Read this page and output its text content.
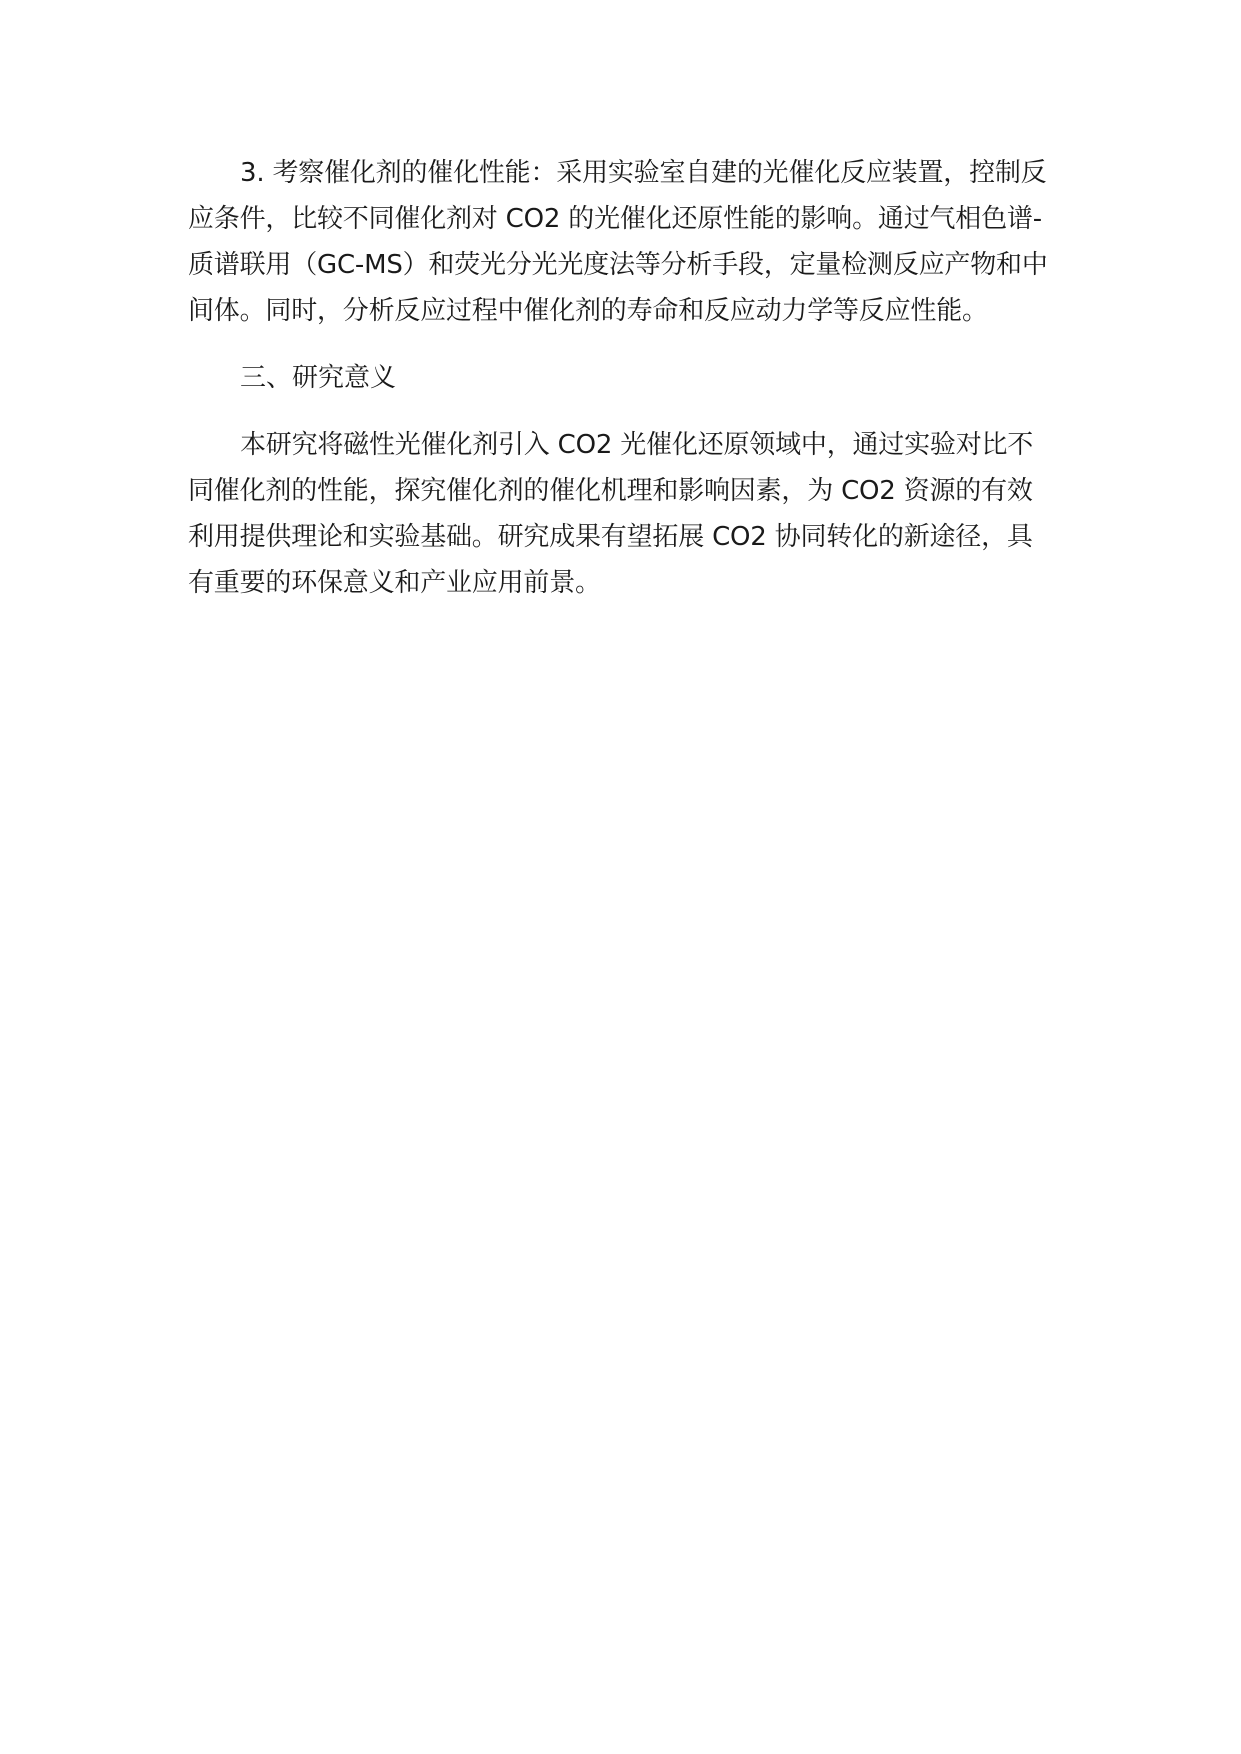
3. 考察催化剂的催化性能：采用实验室自建的光催化反应装置，控制反应条件，比较不同催化剂对 CO2 的光催化还原性能的影响。通过气相色谱-质谱联用（GC-MS）和荧光分光光度法等分析手段，定量检测反应产物和中间体。同时，分析反应过程中催化剂的寿命和反应动力学等反应性能。

三、研究意义

本研究将磁性光催化剂引入 CO2 光催化还原领域中，通过实验对比不同催化剂的性能，探究催化剂的催化机理和影响因素，为 CO2 资源的有效利用提供理论和实验基础。研究成果有望拓展 CO2 协同转化的新途径，具有重要的环保意义和产业应用前景。
